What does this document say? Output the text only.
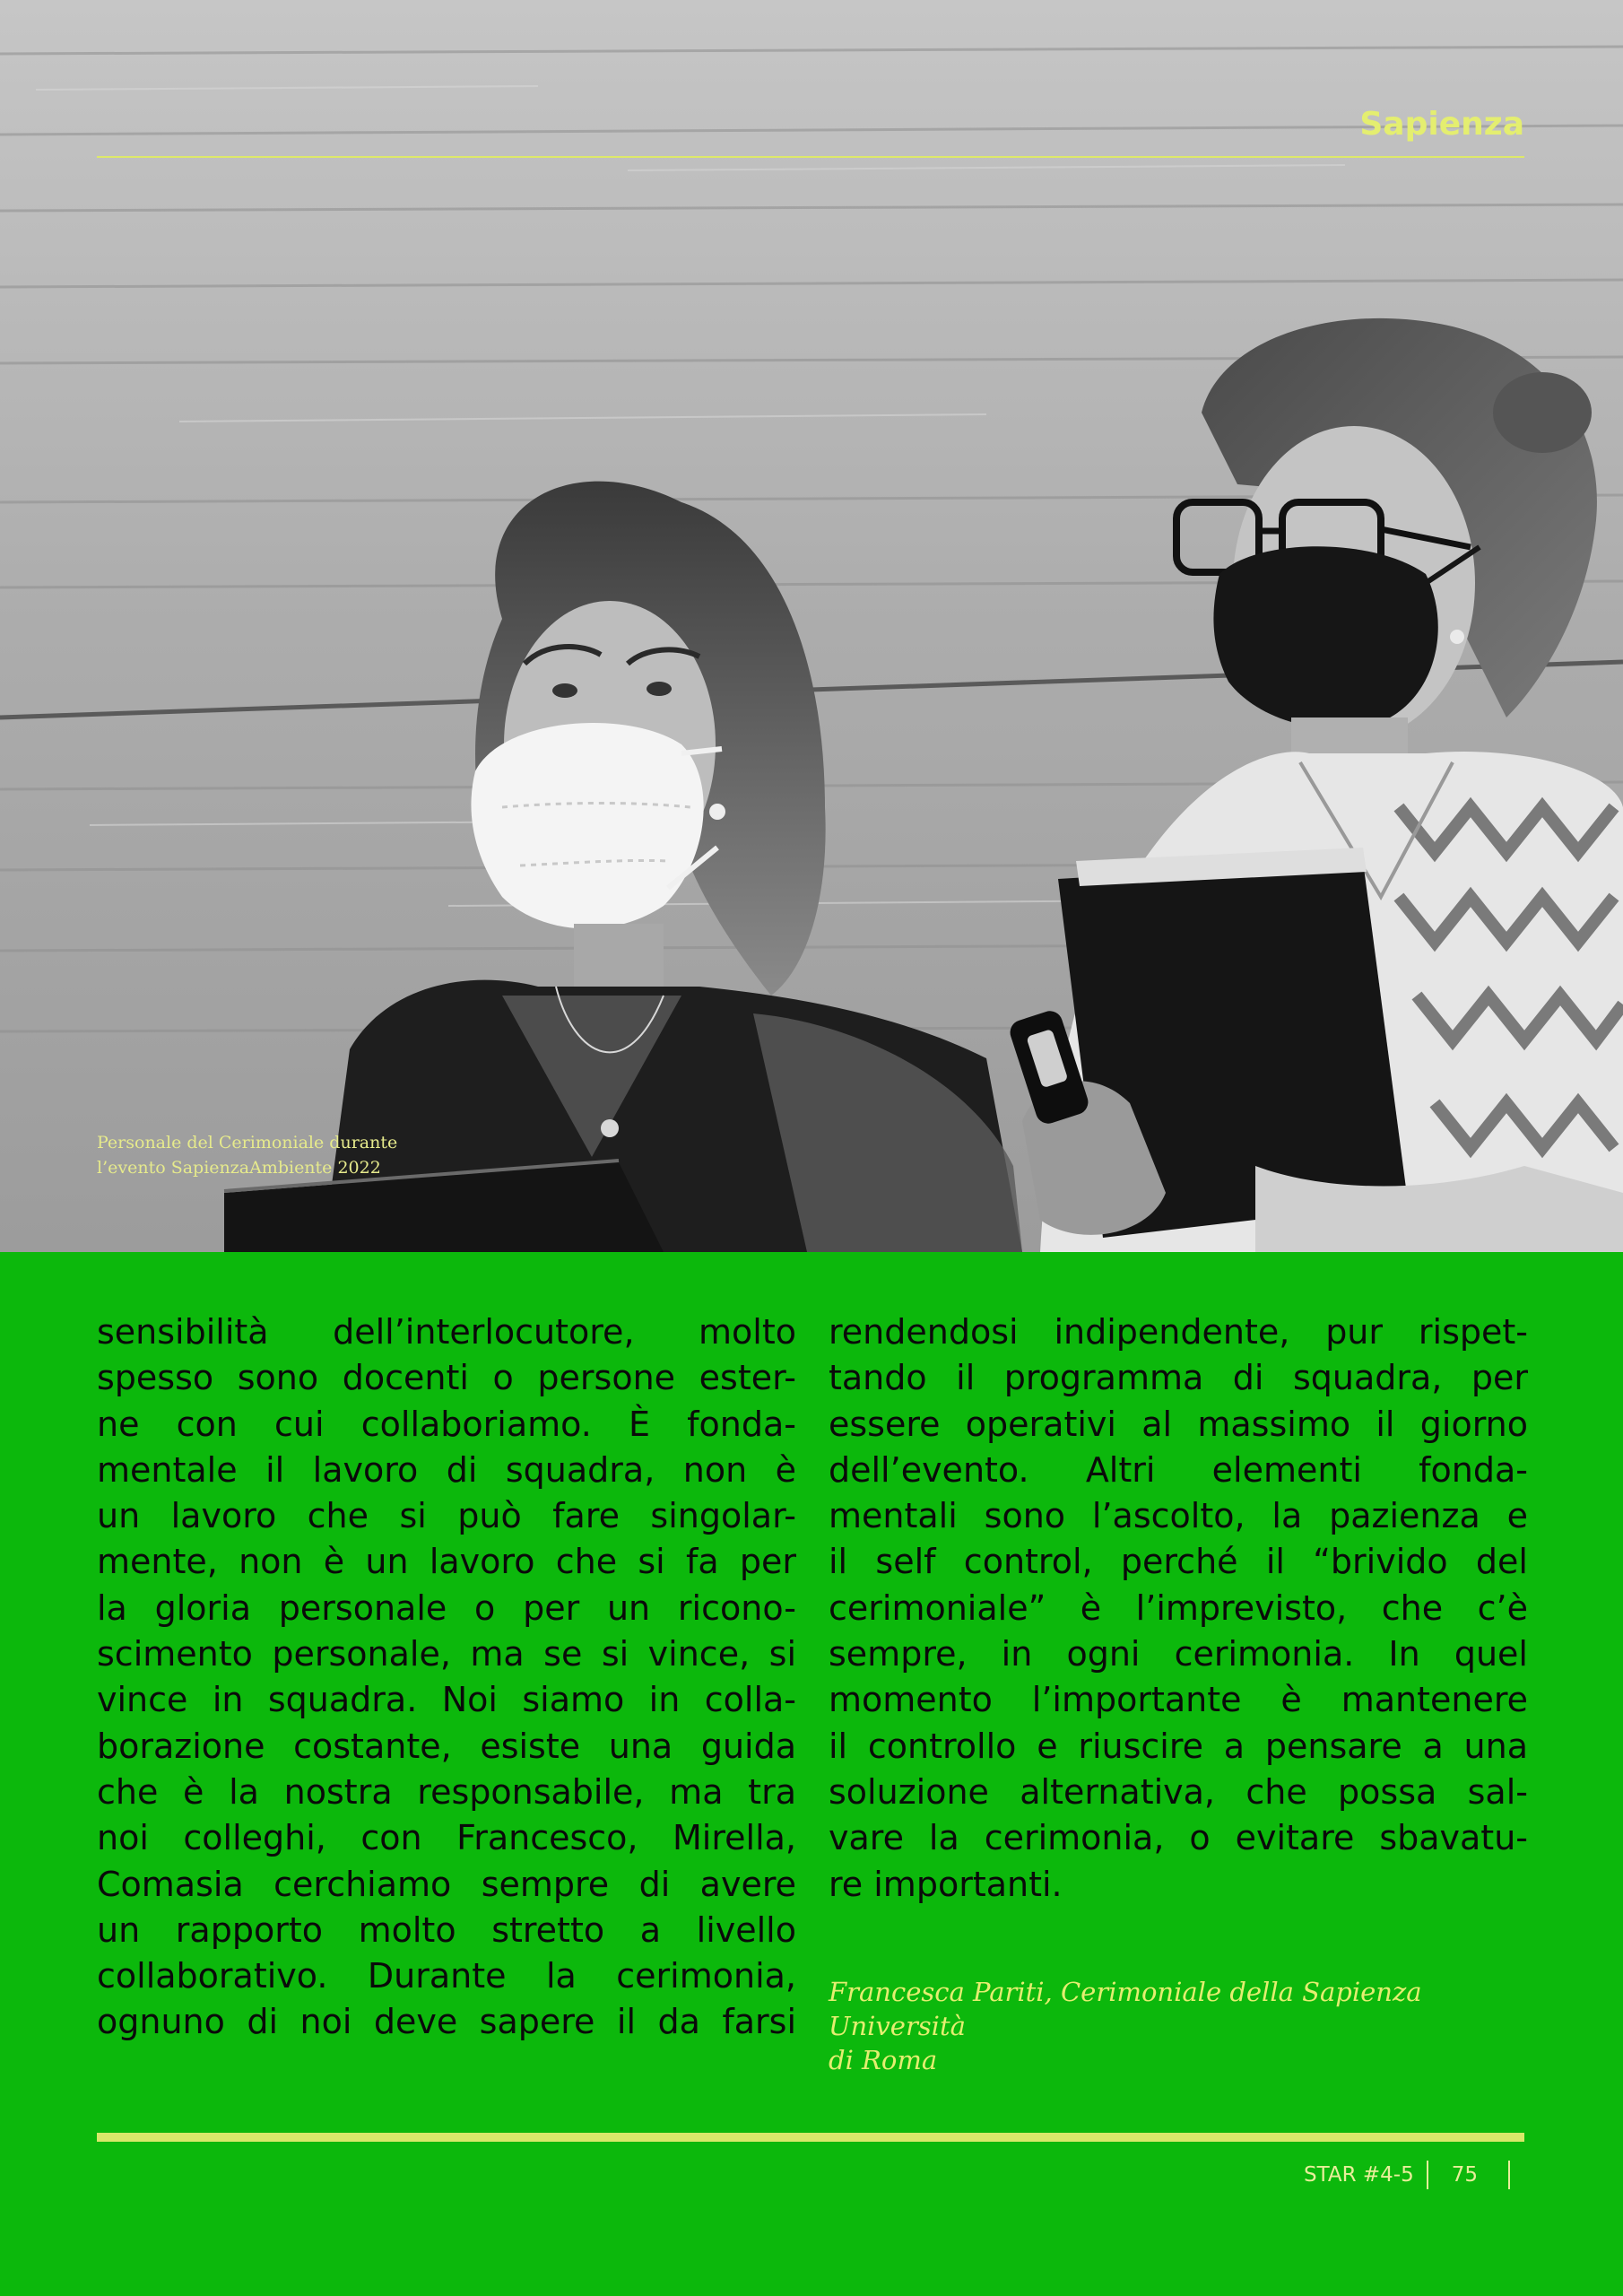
Sapienza
Personale del Cerimoniale durante
l’evento SapienzaAmbiente 2022
sensibilità dell’interlocutore, molto
spesso sono docenti o persone ester-
ne con cui collaboriamo. È fonda-
mentale il lavoro di squadra, non è
un lavoro che si può fare singolar-
mente, non è un lavoro che si fa per
la gloria personale o per un ricono-
scimento personale, ma se si vince, si
vince in squadra. Noi siamo in colla-
borazione costante, esiste una guida
che è la nostra responsabile, ma tra
noi colleghi, con Francesco, Mirella,
Comasia cerchiamo sempre di avere
un rapporto molto stretto a livello
collaborativo. Durante la cerimonia,
ognuno di noi deve sapere il da farsi
rendendosi indipendente, pur rispet-
tando il programma di squadra, per
essere operativi al massimo il giorno
dell’evento. Altri elementi fonda-
mentali sono l’ascolto, la pazienza e
il self control, perché il “brivido del
cerimoniale” è l’imprevisto, che c’è
sempre, in ogni cerimonia. In quel
momento l’importante è mantenere
il controllo e riuscire a pensare a una
soluzione alternativa, che possa sal-
vare la cerimonia, o evitare sbavatu-
re importanti.
Francesca Pariti, Cerimoniale della Sapienza Università
di Roma
STAR #4-5 75
